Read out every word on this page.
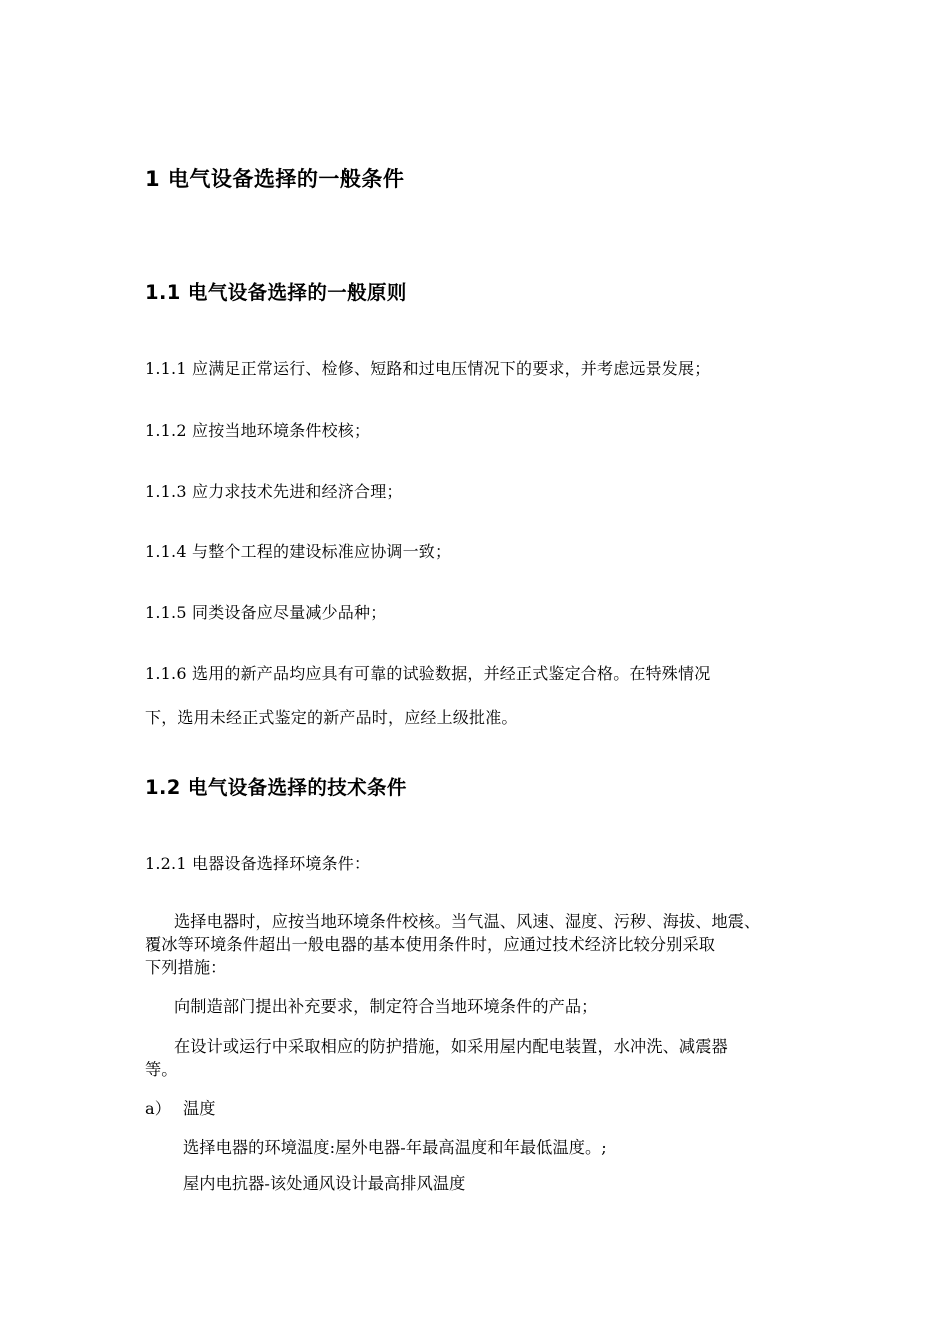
1 电气设备选择的一般条件

1.1 电气设备选择的一般原则

1.1.1 应满足正常运行、检修、短路和过电压情况下的要求，并考虑远景发展；

1.1.2 应按当地环境条件校核；

1.1.3 应力求技术先进和经济合理；

1.1.4 与整个工程的建设标准应协调一致；

1.1.5 同类设备应尽量减少品种；

1.1.6 选用的新产品均应具有可靠的试验数据，并经正式鉴定合格。在特殊情况

下，选用未经正式鉴定的新产品时，应经上级批准。

1.2 电气设备选择的技术条件

1.2.1 电器设备选择环境条件：

选择电器时，应按当地环境条件校核。当气温、风速、湿度、污秽、海拔、地震、

覆冰等环境条件超出一般电器的基本使用条件时，应通过技术经济比较分别采取

下列措施：

向制造部门提出补充要求，制定符合当地环境条件的产品；

在设计或运行中采取相应的防护措施，如采用屋内配电装置，水冲洗、减震器

等。

a） 温度

选择电器的环境温度:屋外电器-年最高温度和年最低温度。;

屋内电抗器-该处通风设计最高排风温度
